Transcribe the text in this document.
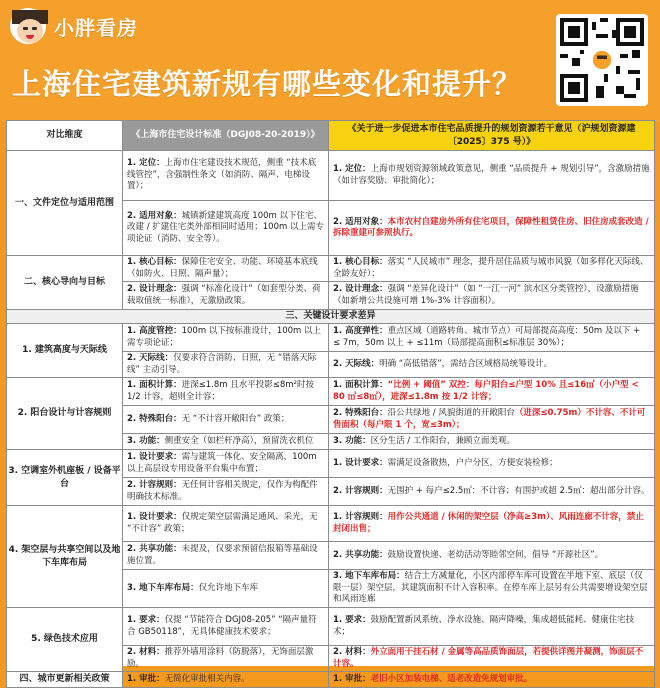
小胖看房
上海住宅建筑新规有哪些变化和提升？
对比维度	《上海市住宅设计标准（DGJ08-20-2019）》	《关于进一步促进本市住宅品质提升的规划资源若干意见（沪规划资源建〔2025〕375 号）》
一、文件定位与适用范围	1. 定位：上海市住宅建设技术规范，侧重 “技术底线管控”，含强制性条文（如消防、隔声、电梯设置）；	1. 定位：上海市规划资源领域政策意见，侧重 “品质提升 + 规划引导”，含激励措施（如计容奖励、审批简化）；
	2. 适用对象：城镇新建建筑高度 100m 以下住宅、改建 / 扩建住宅类外部相同时适用；100m 以上需专项论证（消防、安全等）。	2. 适用对象：本市农村自建房外所有住宅项目，保障性租赁住房、旧住房成套改造 / 拆除重建可参照执行。
二、核心导向与目标	1. 核心目标：保障住宅安全、功能、环境基本底线（如防火、日照、隔声量）；	1. 核心目标：落实 “人民城市” 理念，提升居住品质与城市风貌（如多样化天际线、全龄友好）；
	2. 设计理念：强调 “标准化设计”（如套型分类、荷载取值统一标准），无激励政策。	2. 设计理念：强调 “差异化设计”（如 “一江一河” 滨水区分类管控），设激励措施（如新增公共设施可增 1%-3% 计容面积）。
三、关键设计要求差异		
1. 建筑高度与天际线	1. 高度管控：100m 以下按标准设计，100m 以上需专项论证；	1. 高度弹性：重点区域（道路转角、城市节点）可局部提高高度：50m 及以下 + ≤ 7m，50m 以上 + ≤11m（局部提高面积≤标准层 30%）；
	2. 天际线：仅要求符合消防、日照，无 “错落天际线” 主动引导。	2. 天际线：明确 “高低错落”，需结合区域格局统筹设计。
2. 阳台设计与计容规则	1. 面积计算：进深≤1.8m 且水平投影≤8m²时按 1/2 计容，超则全计容；	1. 面积计算：“比例 + 阈值” 双控：每户阳台≤户型 10% 且≤16㎡（小户型 < 80 ㎡≤8㎡），进深≤1.8m 按 1/2 计容；
	2. 特殊阳台：无 “不计容开敞阳台” 政策；	2. 特殊阳台：沿公共绿地 / 风貌街道的开敞阳台（进深≤0.75m）不计容、不计可售面积（每户限 1 个，宽≤3m）；
	3. 功能：侧重安全（如栏杆净高），预留洗衣机位	3. 功能：区分生活 / 工作阳台，兼顾立面美观。
3. 空调室外机座板 / 设备平台	1. 设计要求：需与建筑一体化、安全隔离，100m 以上高层设专用设备平台集中布置；	1. 设计要求：需满足设备散热，户户分区，方便安装检修；
	2. 计容规则：无任何计容相关规定，仅作为构配件明确技术标准。	2. 计容规则：无围护 + 每户≤2.5㎡：不计容；有围护或超 2.5㎡：超出部分计容。
4. 架空层与共享空间以及地下车库布局	1. 设计要求：仅规定架空层需满足通风、采光，无 “不计容” 政策；	1. 计容规则：用作公共通道 / 休闲的架空层（净高≥3m）、风雨连廊不计容，禁止封闭出售；
	2. 共享功能：未提及，仅要求预留信报箱等基础设施位置。	2. 共享功能：鼓励设置快递、老幼活动等睦邻空间，倡导 “开源社区”。
	3. 地下车库布局：仅允许地下车库	3. 地下车库布局：结合土方减量化，小区内部停车库可设置在半地下室、底层（仅限一层）架空层，其建筑面积不计入容积率。在停车库上层另有公共需要增设架空层和风雨连廊
5. 绿色技术应用	1. 要求：仅提 “节能符合 DGJ08-205” “隔声量符合 GB50118”，无具体健康技术要求；	1. 要求：鼓励配置新风系统、净水设施、隔声降噪，集成超低能耗、健康住宅技术；
	2. 材料：推荐外墙用涂料（防脱落），无饰面层激励。	2. 材料：外立面用干挂石材 / 金属等高品质饰面层，若提供详图并凝测，饰面层不计容。
四、城市更新相关政策	1. 审批：无简化审批相关内容。	1. 审批：老旧小区加装电梯、适老改造免规划审批。
